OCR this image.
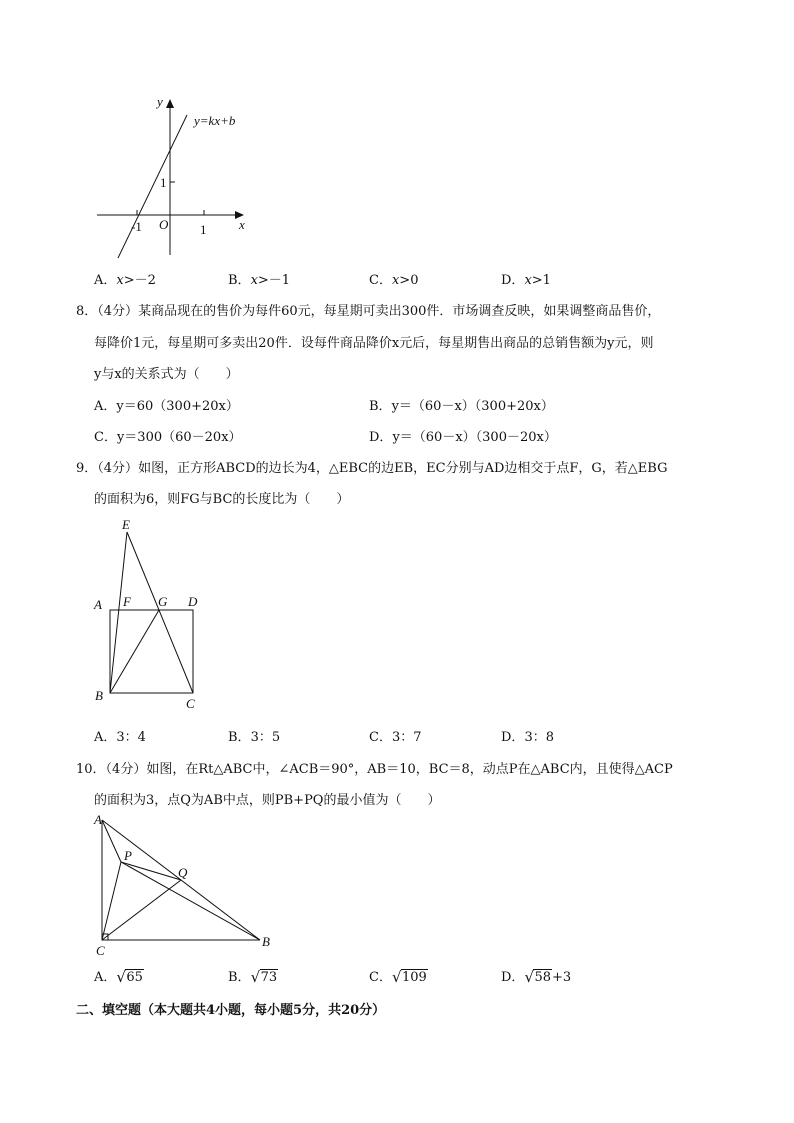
y
y=kx+b
1
O
-1	1	x
A．x>－2	B．x>－1	C．x>0	D．x>1
8．（4分）某商品现在的售价为每件60元，每星期可卖出300件．市场调查反映，如果调整商品售价，
每降价1元，每星期可多卖出20件．设每件商品降价x元后，每星期售出商品的总销售额为y元，则
y与x的关系式为（　　）
A．y＝60（300+20x）	B．y＝（60－x）（300+20x）
C．y＝300（60－20x）	D．y＝（60－x）（300－20x）
9．（4分）如图，正方形ABCD的边长为4，△EBC的边EB，EC分别与AD边相交于点F，G，若△EBG
的面积为6，则FG与BC的长度比为（　　）
E
A F G D
B
C
A．3：4	B．3：5	C．3：7	D．3：8
10．（4分）如图，在Rt△ABC中，∠ACB＝90°，AB＝10，BC＝8，动点P在△ABC内，且使得△ACP
的面积为3，点Q为AB中点，则PB+PQ的最小值为（　　）
A
P
Q
C
B
A． √ 65	B． √ 73	C． √ 109	D． √ 58+3
二、填空题（本大题共4小题，每小题5分，共20分）
